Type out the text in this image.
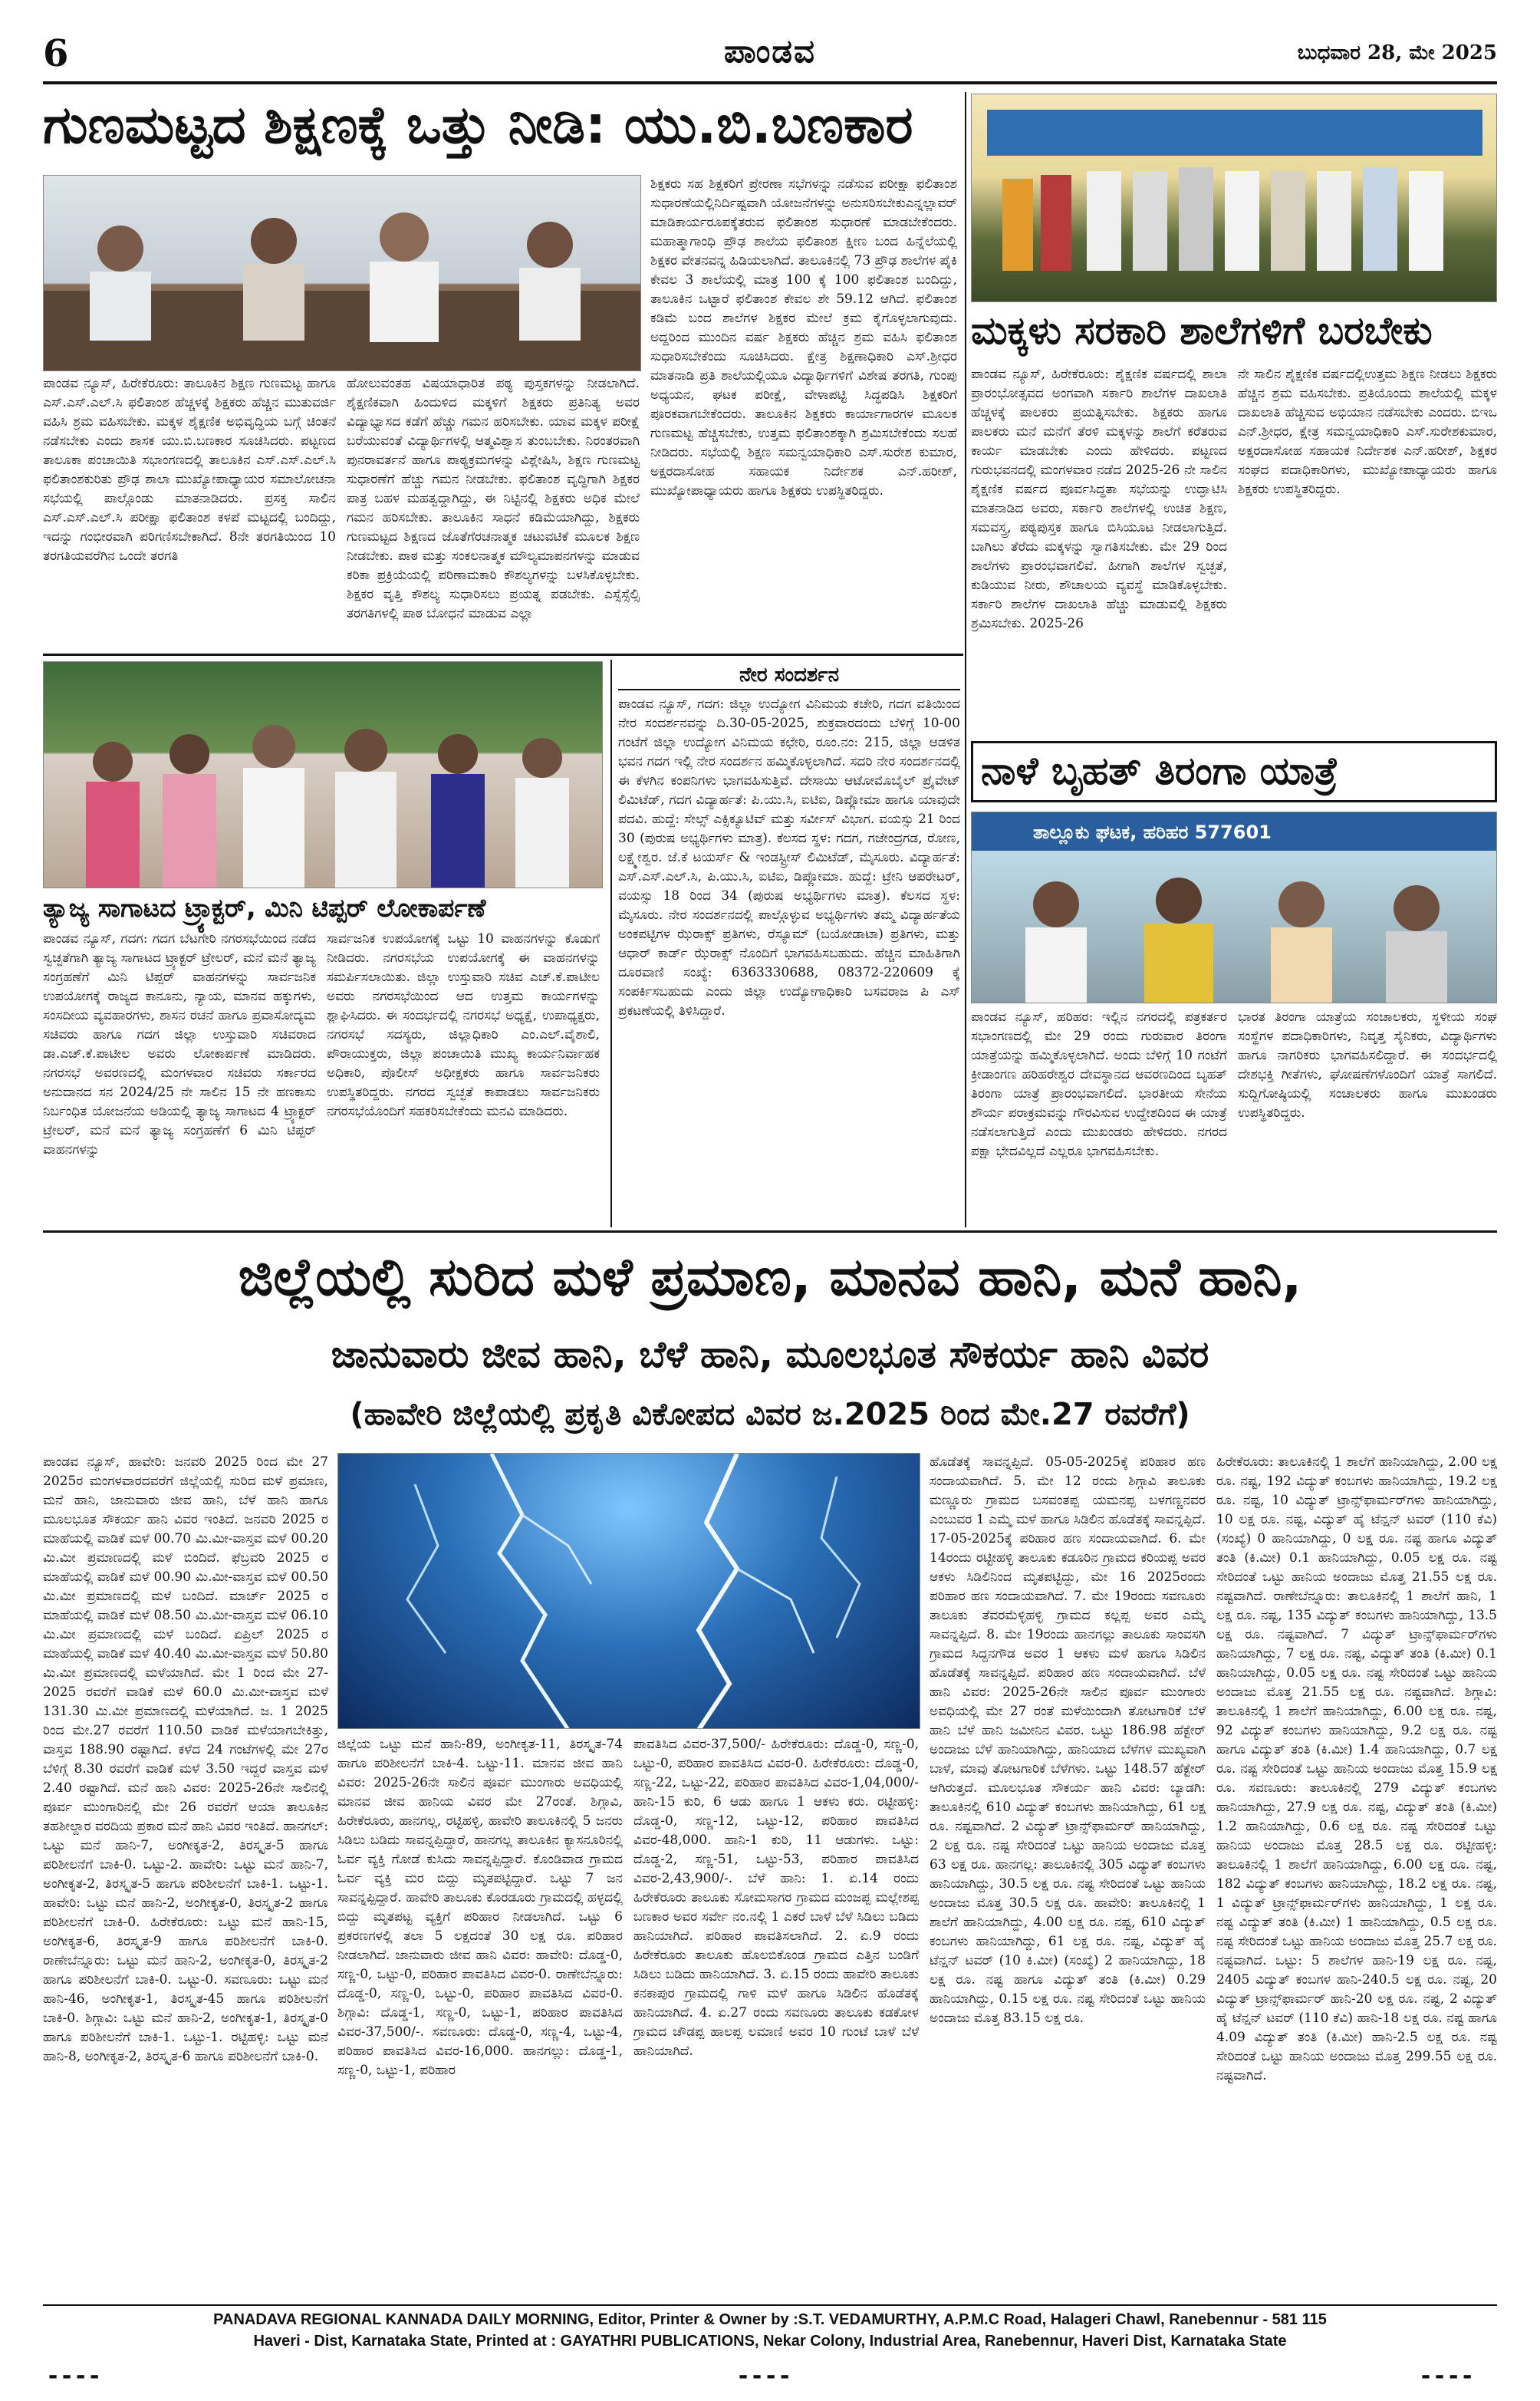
6	ಪಾಂಡವ	ಬುಧವಾರ 28, ಮೇ 2025
ಗುಣಮಟ್ಟದ ಶಿಕ್ಷಣಕ್ಕೆ ಒತ್ತು ನೀಡಿ: ಯು.ಬಿ.ಬಣಕಾರ
ಪಾಂಡವ ನ್ಯೂಸ್, ಹಿರೇಕೆರೂರು: ತಾಲೂಕಿನ ಶಿಕ್ಷಣ ಗುಣಮಟ್ಟ ಹಾಗೂ ಎಸ್.ಎಸ್.ಎಲ್.ಸಿ ಫಲಿತಾಂಶ ಹೆಚ್ಚಳಕ್ಕೆ ಶಿಕ್ಷಕರು ಹೆಚ್ಚಿನ ಮುತುವರ್ಜಿ ವಹಿಸಿ ಶ್ರಮ ವಹಿಸಬೇಕು. ಮಕ್ಕಳ ಶೈಕ್ಷಣಿಕ ಅಭಿವೃದ್ಧಿಯ ಬಗ್ಗೆ ಚಿಂತನೆ ನಡೆಸಬೇಕು ಎಂದು ಶಾಸಕ ಯು.ಬಿ.ಬಣಕಾರ ಸೂಚಿಸಿದರು. ಪಟ್ಟಣದ ತಾಲೂಕಾ ಪಂಚಾಯಿತಿ ಸಭಾಂಗಣದಲ್ಲಿ ತಾಲೂಕಿನ ಎಸ್.ಎಸ್.ಎಲ್.ಸಿ ಫಲಿತಾಂಶಕುರಿತು ಪ್ರೌಢ ಶಾಲಾ ಮುಖ್ಯೋಪಾಧ್ಯಾಯರ ಸಮಾಲೋಚನಾ ಸಭೆಯಲ್ಲಿ ಪಾಲ್ಗೊಂಡು ಮಾತನಾಡಿದರು. ಪ್ರಸಕ್ತ ಸಾಲಿನ ಎಸ್.ಎಸ್.ಎಲ್.ಸಿ ಪರೀಕ್ಷಾ ಫಲಿತಾಂಶ ಕಳಪೆ ಮಟ್ಟದಲ್ಲಿ ಬಂದಿದ್ದು, ಇದನ್ನು ಗಂಭೀರವಾಗಿ ಪರಿಗಣಿಸಬೇಕಾಗಿದೆ. 8ನೇ ತರಗತಿಯಿಂದ 10 ತರಗತಿಯವರೆಗಿನ ಒಂದೇ ತರಗತಿ
ಹೋಲುವಂತಹ ವಿಷಯಾಧಾರಿತ ಪಠ್ಯ ಪುಸ್ತಕಗಳನ್ನು ನೀಡಲಾಗಿದೆ. ಶೈಕ್ಷಣಿಕವಾಗಿ ಹಿಂದುಳಿದ ಮಕ್ಕಳಿಗೆ ಶಿಕ್ಷಕರು ಪ್ರತಿನಿತ್ಯ ಅವರ ವಿದ್ಯಾಭ್ಯಾಸದ ಕಡೆಗೆ ಹೆಚ್ಚು ಗಮನ ಹರಿಸಬೇಕು. ಯಾವ ಮಕ್ಕಳ ಪರೀಕ್ಷೆ ಬರೆಯುವಂತೆ ವಿದ್ಯಾರ್ಥಿಗಳಲ್ಲಿ ಆತ್ಮವಿಶ್ವಾಸ ತುಂಬಬೇಕು. ನಿರಂತರವಾಗಿ ಪುನರಾವರ್ತನೆ ಹಾಗೂ ಪಾಠ್ಯಕ್ರಮಗಳನ್ನು ವಿಶ್ಲೇಷಿಸಿ, ಶಿಕ್ಷಣ ಗುಣಮಟ್ಟ ಸುಧಾರಣೆಗೆ ಹೆಚ್ಚು ಗಮನ ನೀಡಬೇಕು. ಫಲಿತಾಂಶ ವೃದ್ಧಿಗಾಗಿ ಶಿಕ್ಷಕರ ಪಾತ್ರ ಬಹಳ ಮಹತ್ವದ್ದಾಗಿದ್ದು, ಈ ನಿಟ್ಟಿನಲ್ಲಿ ಶಿಕ್ಷಕರು ಅಧಿಕ ಮೇಲೆ ಗಮನ ಹರಿಸಬೇಕು. ತಾಲೂಕಿನ ಸಾಧನೆ ಕಡಿಮೆಯಾಗಿದ್ದು, ಶಿಕ್ಷಕರು ಗುಣಮಟ್ಟದ ಶಿಕ್ಷಣದ ಜೊತೆಗೆರಚನಾತ್ಮಕ ಚಟುವಟಿಕೆ ಮೂಲಕ ಶಿಕ್ಷಣ ನೀಡಬೇಕು. ಪಾಠ ಮತ್ತು ಸಂಕಲನಾತ್ಮಕ ಮೌಲ್ಯಮಾಪನಗಳನ್ನು ಮಾಡುವ ಕರಿಕಾ ಪ್ರಕ್ರಿಯೆಯಲ್ಲಿ ಪರಿಣಾಮಕಾರಿ ಕೌಶಲ್ಯಗಳನ್ನು ಬಳಸಿಕೊಳ್ಳಬೇಕು. ಶಿಕ್ಷಕರ ವೃತ್ತಿ ಕೌಶಲ್ಯ ಸುಧಾರಿಸಲು ಪ್ರಯತ್ನ ಪಡಬೇಕು. ಎಸ್ಸೆಸ್ಸೆಲ್ಸಿ ತರಗತಿಗಳಲ್ಲಿ ಪಾಠ ಬೋಧನೆ ಮಾಡುವ ಎಲ್ಲಾ
ಶಿಕ್ಷಕರು ಸಹ ಶಿಕ್ಷಕರಿಗೆ ಪ್ರೇರಣಾ ಸಭೆಗಳನ್ನು ನಡೆಸುವ ಪರೀಕ್ಷಾ ಫಲಿತಾಂಶ ಸುಧಾರಣೆಯಲ್ಲಿನಿರ್ದಿಷ್ಟವಾಗಿ ಯೋಜನೆಗಳನ್ನು ಅನುಸರಿಸಬೇಕುಎನ್ನಲ್ಲಾವರ್ ಮಾಡಿಕಾರ್ಯರೂಪಕ್ಕೆತರುವ ಫಲಿತಾಂಶ ಸುಧಾರಣೆ ಮಾಡಬೇಕೆಂದರು. ಮಹಾತ್ಮಾಗಾಂಧಿ ಪ್ರೌಢ ಶಾಲೆಯ ಫಲಿತಾಂಶ ಕ್ಷೀಣ ಬಂದ ಹಿನ್ನೆಲೆಯಲ್ಲಿ ಶಿಕ್ಷಕರ ವೇತನವನ್ನ ಹಿಡಿಯಲಾಗಿದೆ. ತಾಲೂಕಿನಲ್ಲಿ 73 ಪ್ರೌಢ ಶಾಲೆಗಳ ಪೈಕಿ ಕೇವಲ 3 ಶಾಲೆಯಲ್ಲಿ ಮಾತ್ರ 100 ಕ್ಕೆ 100 ಫಲಿತಾಂಶ ಬಂದಿದ್ದು, ತಾಲೂಕಿನ ಒಟ್ಟಾರೆ ಫಲಿತಾಂಶ ಕೇವಲ ಶೇ 59.12 ಆಗಿದೆ. ಫಲಿತಾಂಶ ಕಡಿಮೆ ಬಂದ ಶಾಲೆಗಳ ಶಿಕ್ಷಕರ ಮೇಲೆ ಕ್ರಮ ಕೈಗೊಳ್ಳಲಾಗುವುದು. ಅದ್ದರಿಂದ ಮುಂದಿನ ವರ್ಷ ಶಿಕ್ಷಕರು ಹೆಚ್ಚಿನ ಶ್ರಮ ವಹಿಸಿ ಫಲಿತಾಂಶ ಸುಧಾರಿಸಬೇಕೆಂದು ಸೂಚಿಸಿದರು. ಕ್ಷೇತ್ರ ಶಿಕ್ಷಣಾಧಿಕಾರಿ ಎಸ್.ಶ್ರೀಧರ ಮಾತನಾಡಿ ಪ್ರತಿ ಶಾಲೆಯಲ್ಲಿಯೂ ವಿದ್ಯಾರ್ಥಿಗಳಿಗೆ ವಿಶೇಷ ತರಗತಿ, ಗುಂಪು ಅಧ್ಯಯನ, ಘಟಕ ಪರೀಕ್ಷೆ, ವೇಳಾಪಟ್ಟಿ ಸಿದ್ಧಪಡಿಸಿ ಶಿಕ್ಷಕರಿಗೆ ಪೂರಕವಾಗಬೇಕೆಂದರು. ತಾಲೂಕಿನ ಶಿಕ್ಷಕರು ಕಾರ್ಯಾಗಾರಗಳ ಮೂಲಕ ಗುಣಮಟ್ಟ ಹೆಚ್ಚಿಸಬೇಕು, ಉತ್ತಮ ಫಲಿತಾಂಶಕ್ಕಾಗಿ ಶ್ರಮಿಸಬೇಕೆಂದು ಸಲಹೆ ನೀಡಿದರು. ಸಭೆಯಲ್ಲಿ ಶಿಕ್ಷಣ ಸಮನ್ವಯಾಧಿಕಾರಿ ಎಸ್.ಸುರೇಶ ಕುಮಾರ, ಅಕ್ಷರದಾಸೋಹ ಸಹಾಯಕ ನಿರ್ದೇಶಕ ಎನ್.ಹರೀಶ್, ಮುಖ್ಯೋಪಾಧ್ಯಾಯರು ಹಾಗೂ ಶಿಕ್ಷಕರು ಉಪಸ್ಥಿತರಿದ್ದರು.
ಮಕ್ಕಳು ಸರಕಾರಿ ಶಾಲೆಗಳಿಗೆ ಬರಬೇಕು
ಪಾಂಡವ ನ್ಯೂಸ್, ಹಿರೇಕೆರೂರು: ಶೈಕ್ಷಣಿಕ ವರ್ಷದಲ್ಲಿ ಶಾಲಾ ಪ್ರಾರಂಭೋತ್ಸವದ ಅಂಗವಾಗಿ ಸರ್ಕಾರಿ ಶಾಲೆಗಳ ದಾಖಲಾತಿ ಹೆಚ್ಚಳಕ್ಕೆ ಪಾಲಕರು ಪ್ರಯತ್ನಿಸಬೇಕು. ಶಿಕ್ಷಕರು ಹಾಗೂ ಪಾಲಕರು ಮನೆ ಮನೆಗೆ ತೆರಳಿ ಮಕ್ಕಳನ್ನು ಶಾಲೆಗೆ ಕರೆತರುವ ಕಾರ್ಯ ಮಾಡಬೇಕು ಎಂದು ಹೇಳಿದರು. ಪಟ್ಟಣದ ಗುರುಭವನದಲ್ಲಿ ಮಂಗಳವಾರ ನಡೆದ 2025-26 ನೇ ಸಾಲಿನ ಶೈಕ್ಷಣಿಕ ವರ್ಷದ ಪೂರ್ವಸಿದ್ಧತಾ ಸಭೆಯನ್ನು ಉದ್ಘಾಟಿಸಿ ಮಾತನಾಡಿದ ಅವರು, ಸರ್ಕಾರಿ ಶಾಲೆಗಳಲ್ಲಿ ಉಚಿತ ಶಿಕ್ಷಣ, ಸಮವಸ್ತ್ರ, ಪಠ್ಯಪುಸ್ತಕ ಹಾಗೂ ಬಿಸಿಯೂಟ ನೀಡಲಾಗುತ್ತಿದೆ. ಬಾಗಿಲು ತೆರೆದು ಮಕ್ಕಳನ್ನು ಸ್ವಾಗತಿಸಬೇಕು. ಮೇ 29 ರಿಂದ ಶಾಲೆಗಳು ಪ್ರಾರಂಭವಾಗಲಿವೆ. ಹೀಗಾಗಿ ಶಾಲೆಗಳ ಸ್ವಚ್ಛತೆ, ಕುಡಿಯುವ ನೀರು, ಶೌಚಾಲಯ ವ್ಯವಸ್ಥೆ ಮಾಡಿಕೊಳ್ಳಬೇಕು. ಸರ್ಕಾರಿ ಶಾಲೆಗಳ ದಾಖಲಾತಿ ಹೆಚ್ಚು ಮಾಡುವಲ್ಲಿ ಶಿಕ್ಷಕರು ಶ್ರಮಿಸಬೇಕು. 2025-26
ನೇ ಸಾಲಿನ ಶೈಕ್ಷಣಿಕ ವರ್ಷದಲ್ಲಿಉತ್ತಮ ಶಿಕ್ಷಣ ನೀಡಲು ಶಿಕ್ಷಕರು ಹೆಚ್ಚಿನ ಶ್ರಮ ವಹಿಸಬೇಕು. ಪ್ರತಿಯೊಂದು ಶಾಲೆಯಲ್ಲಿ ಮಕ್ಕಳ ದಾಖಲಾತಿ ಹೆಚ್ಚಿಸುವ ಅಭಿಯಾನ ನಡೆಸಬೇಕು ಎಂದರು. ಬಿಇಒ ಎನ್.ಶ್ರೀಧರ, ಕ್ಷೇತ್ರ ಸಮನ್ವಯಾಧಿಕಾರಿ ಎಸ್.ಸುರೇಶಕುಮಾರ, ಅಕ್ಷರದಾಸೋಹ ಸಹಾಯಕ ನಿರ್ದೇಶಕ ಎನ್.ಹರೀಶ್, ಶಿಕ್ಷಕರ ಸಂಘದ ಪದಾಧಿಕಾರಿಗಳು, ಮುಖ್ಯೋಪಾಧ್ಯಾಯರು ಹಾಗೂ ಶಿಕ್ಷಕರು ಉಪಸ್ಥಿತರಿದ್ದರು.
ತ್ಯಾಜ್ಯ ಸಾಗಾಟದ ಟ್ರ್ಯಾಕ್ಟರ್, ಮಿನಿ ಟಿಪ್ಪರ್ ಲೋಕಾರ್ಪಣೆ
ಪಾಂಡವ ನ್ಯೂಸ್, ಗದಗ: ಗದಗ ಬೆಟಗೇರಿ ನಗರಸಭೆಯಿಂದ ನಡೆದ ಸ್ವಚ್ಛತೆಗಾಗಿ ತ್ಯಾಜ್ಯ ಸಾಗಾಟದ ಟ್ರ್ಯಾಕ್ಟರ್ ಟ್ರೇಲರ್, ಮನೆ ಮನೆ ತ್ಯಾಜ್ಯ ಸಂಗ್ರಹಣೆಗೆ ಮಿನಿ ಟಿಪ್ಪರ್ ವಾಹನಗಳನ್ನು ಸಾರ್ವಜನಿಕ ಉಪಯೋಗಕ್ಕೆ ರಾಜ್ಯದ ಕಾನೂನು, ನ್ಯಾಯ, ಮಾನವ ಹಕ್ಕುಗಳು, ಸಂಸದೀಯ ವ್ಯವಹಾರಗಳು, ಶಾಸನ ರಚನೆ ಹಾಗೂ ಪ್ರವಾಸೋದ್ಯಮ ಸಚಿವರು ಹಾಗೂ ಗದಗ ಜಿಲ್ಲಾ ಉಸ್ತುವಾರಿ ಸಚಿವರಾದ ಡಾ.ಎಚ್.ಕೆ.ಪಾಟೀಲ ಅವರು ಲೋಕಾರ್ಪಣೆ ಮಾಡಿದರು. ನಗರಸಭೆ ಅವರಣದಲ್ಲಿ ಮಂಗಳವಾರ ಸಚಿವರು ಸರ್ಕಾರದ ಅನುದಾನದ ಸನ 2024/25 ನೇ ಸಾಲಿನ 15 ನೇ ಹಣಕಾಸು ನಿರ್ಬಂಧಿತ ಯೋಜನೆಯ ಅಡಿಯಲ್ಲಿ ತ್ಯಾಜ್ಯ ಸಾಗಾಟದ 4 ಟ್ರ್ಯಾಕ್ಟರ್ ಟ್ರೇಲರ್, ಮನೆ ಮನೆ ತ್ಯಾಜ್ಯ ಸಂಗ್ರಹಣೆಗೆ 6 ಮಿನಿ ಟಿಪ್ಪರ್ ವಾಹನಗಳನ್ನು
ಸಾರ್ವಜನಿಕ ಉಪಯೋಗಕ್ಕೆ ಒಟ್ಟು 10 ವಾಹನಗಳನ್ನು ಕೊಡುಗೆ ನೀಡಿದರು. ನಗರಸಭೆಯ ಉಪಯೋಗಕ್ಕೆ ಈ ವಾಹನಗಳನ್ನು ಸಮರ್ಪಿಸಲಾಯಿತು. ಜಿಲ್ಲಾ ಉಸ್ತುವಾರಿ ಸಚಿವ ಎಚ್.ಕೆ.ಪಾಟೀಲ ಅವರು ನಗರಸಭೆಯಿಂದ ಆದ ಉತ್ತಮ ಕಾರ್ಯಗಳನ್ನು ಶ್ಲಾಘಿಸಿದರು. ಈ ಸಂದರ್ಭದಲ್ಲಿ ನಗರಸಭೆ ಅಧ್ಯಕ್ಷೆ, ಉಪಾಧ್ಯಕ್ಷರು, ನಗರಸಭೆ ಸದಸ್ಯರು, ಜಿಲ್ಲಾಧಿಕಾರಿ ಎಂ.ಎಲ್.ವೈಶಾಲಿ, ಪೌರಾಯುಕ್ತರು, ಜಿಲ್ಲಾ ಪಂಚಾಯಿತಿ ಮುಖ್ಯ ಕಾರ್ಯನಿರ್ವಾಹಕ ಅಧಿಕಾರಿ, ಪೊಲೀಸ್ ಅಧೀಕ್ಷಕರು ಹಾಗೂ ಸಾರ್ವಜನಿಕರು ಉಪಸ್ಥಿತರಿದ್ದರು. ನಗರದ ಸ್ವಚ್ಛತೆ ಕಾಪಾಡಲು ಸಾರ್ವಜನಿಕರು ನಗರಸಭೆಯೊಂದಿಗೆ ಸಹಕರಿಸಬೇಕೆಂದು ಮನವಿ ಮಾಡಿದರು.
ನೇರ ಸಂದರ್ಶನ
ಪಾಂಡವ ನ್ಯೂಸ್, ಗದಗ: ಜಿಲ್ಲಾ ಉದ್ಯೋಗ ವಿನಿಮಯ ಕಚೇರಿ, ಗದಗ ವತಿಯಿಂದ ನೇರ ಸಂದರ್ಶನವನ್ನು ದಿ.30-05-2025, ಶುಕ್ರವಾರದಂದು ಬೆಳಿಗ್ಗೆ 10-00 ಗಂಟೆಗೆ ಜಿಲ್ಲಾ ಉದ್ಯೋಗ ವಿನಿಮಯ ಕಛೇರಿ, ರೂಂ.ನಂ: 215, ಜಿಲ್ಲಾ ಆಡಳಿತ ಭವನ ಗದಗ ಇಲ್ಲಿ ನೇರ ಸಂದರ್ಶನ ಹಮ್ಮಿಕೊಳ್ಳಲಾಗಿದೆ. ಸದರಿ ನೇರ ಸಂದರ್ಶನದಲ್ಲಿ ಈ ಕೆಳಗಿನ ಕಂಪನಿಗಳು ಭಾಗವಹಿಸುತ್ತಿವೆ. ದೇಸಾಯಿ ಆಟೋಮೊಬೈಲ್ ಪ್ರೈವೇಟ್ ಲಿಮಿಟೆಡ್, ಗದಗ ವಿದ್ಯಾರ್ಹತೆ: ಪಿ.ಯು.ಸಿ, ಐಟಿಐ, ಡಿಪ್ಲೋಮಾ ಹಾಗೂ ಯಾವುದೇ ಪದವಿ. ಹುದ್ದೆ: ಸೇಲ್ಸ್ ಎಕ್ಸಿಕ್ಯೂಟಿವ್ ಮತ್ತು ಸರ್ವೀಸ್ ವಿಭಾಗ. ವಯಸ್ಸು 21 ರಿಂದ 30 (ಪುರುಷ ಅಭ್ಯರ್ಥಿಗಳು ಮಾತ್ರ). ಕೆಲಸದ ಸ್ಥಳ: ಗದಗ, ಗಜೇಂದ್ರಗಡ, ರೋಣ, ಲಕ್ಷ್ಮೇಶ್ವರ. ಜೆ.ಕೆ ಟಯರ್ಸ್ & ಇಂಡಸ್ಟ್ರೀಸ್ ಲಿಮಿಟೆಡ್, ಮೈಸೂರು. ವಿದ್ಯಾರ್ಹತೆ: ಎಸ್.ಎಸ್.ಎಲ್.ಸಿ, ಪಿ.ಯು.ಸಿ, ಐಟಿಐ, ಡಿಪ್ಲೋಮಾ. ಹುದ್ದೆ: ಟ್ರೇನಿ ಆಪರೇಟರ್, ವಯಸ್ಸು 18 ರಿಂದ 34 (ಪುರುಷ ಅಭ್ಯರ್ಥಿಗಳು ಮಾತ್ರ). ಕೆಲಸದ ಸ್ಥಳ: ಮೈಸೂರು. ನೇರ ಸಂದರ್ಶನದಲ್ಲಿ ಪಾಲ್ಗೊಳ್ಳುವ ಅಭ್ಯರ್ಥಿಗಳು ತಮ್ಮ ವಿದ್ಯಾರ್ಹತೆಯ ಅಂಕಪಟ್ಟಿಗಳ ಝೆರಾಕ್ಸ್ ಪ್ರತಿಗಳು, ರೆಸ್ಯೂಮ್ (ಬಯೋಡಾಟಾ) ಪ್ರತಿಗಳು, ಮತ್ತು ಆಧಾರ್ ಕಾರ್ಡ್ ಝೆರಾಕ್ಸ್ ನೊಂದಿಗೆ ಭಾಗವಹಿಸಬಹುದು. ಹೆಚ್ಚಿನ ಮಾಹಿತಿಗಾಗಿ ದೂರವಾಣಿ ಸಂಖ್ಯೆ: 6363330688, 08372-220609 ಕ್ಕೆ ಸಂಪರ್ಕಿಸಬಹುದು ಎಂದು ಜಿಲ್ಲಾ ಉದ್ಯೋಗಾಧಿಕಾರಿ ಬಸವರಾಜ ಪಿ ಎಸ್ ಪ್ರಕಟಣೆಯಲ್ಲಿ ತಿಳಿಸಿದ್ದಾರೆ.
ನಾಳೆ ಬೃಹತ್ ತಿರಂಗಾ ಯಾತ್ರೆ
ತಾಲ್ಲೂಕು ಘಟಕ, ಹರಿಹರ 577601
ಪಾಂಡವ ನ್ಯೂಸ್, ಹರಿಹರ: ಇಲ್ಲಿನ ನಗರದಲ್ಲಿ ಪತ್ರಕರ್ತರ ಸಭಾಂಗಣದಲ್ಲಿ ಮೇ 29 ರಂದು ಗುರುವಾರ ತಿರಂಗಾ ಯಾತ್ರೆಯನ್ನು ಹಮ್ಮಿಕೊಳ್ಳಲಾಗಿದೆ. ಅಂದು ಬೆಳಿಗ್ಗೆ 10 ಗಂಟೆಗೆ ಕ್ರೀಡಾಂಗಣ ಹರಿಹರೇಶ್ವರ ದೇವಸ್ಥಾನದ ಆವರಣದಿಂದ ಬೃಹತ್ ತಿರಂಗಾ ಯಾತ್ರೆ ಪ್ರಾರಂಭವಾಗಲಿದೆ. ಭಾರತೀಯ ಸೇನೆಯ ಶೌರ್ಯ ಪರಾಕ್ರಮವನ್ನು ಗೌರವಿಸುವ ಉದ್ದೇಶದಿಂದ ಈ ಯಾತ್ರೆ ನಡೆಸಲಾಗುತ್ತಿದೆ ಎಂದು ಮುಖಂಡರು ಹೇಳಿದರು. ನಗರದ ಪಕ್ಷಾ ಭೇದವಿಲ್ಲದೆ ಎಲ್ಲರೂ ಭಾಗವಹಿಸಬೇಕು.
ಭಾರತ ತಿರಂಗಾ ಯಾತ್ರೆಯ ಸಂಚಾಲಕರು, ಸ್ಥಳೀಯ ಸಂಘ ಸಂಸ್ಥೆಗಳ ಪದಾಧಿಕಾರಿಗಳು, ನಿವೃತ್ತ ಸೈನಿಕರು, ವಿದ್ಯಾರ್ಥಿಗಳು ಹಾಗೂ ನಾಗರಿಕರು ಭಾಗವಹಿಸಲಿದ್ದಾರೆ. ಈ ಸಂದರ್ಭದಲ್ಲಿ ದೇಶಭಕ್ತಿ ಗೀತೆಗಳು, ಘೋಷಣೆಗಳೊಂದಿಗೆ ಯಾತ್ರೆ ಸಾಗಲಿದೆ. ಸುದ್ದಿಗೋಷ್ಠಿಯಲ್ಲಿ ಸಂಚಾಲಕರು ಹಾಗೂ ಮುಖಂಡರು ಉಪಸ್ಥಿತರಿದ್ದರು.
ಜಿಲ್ಲೆಯಲ್ಲಿ ಸುರಿದ ಮಳೆ ಪ್ರಮಾಣ, ಮಾನವ ಹಾನಿ, ಮನೆ ಹಾನಿ,
ಜಾನುವಾರು ಜೀವ ಹಾನಿ, ಬೆಳೆ ಹಾನಿ, ಮೂಲಭೂತ ಸೌಕರ್ಯ ಹಾನಿ ವಿವರ
(ಹಾವೇರಿ ಜಿಲ್ಲೆಯಲ್ಲಿ ಪ್ರಕೃತಿ ವಿಕೋಪದ ವಿವರ ಜ.2025 ರಿಂದ ಮೇ.27 ರವರೆಗೆ)
ಪಾಂಡವ ನ್ಯೂಸ್, ಹಾವೇರಿ: ಜನವರಿ 2025 ರಿಂದ ಮೇ 27 2025ರ ಮಂಗಳವಾರದವರೆಗೆ ಜಿಲ್ಲೆಯಲ್ಲಿ ಸುರಿದ ಮಳೆ ಪ್ರಮಾಣ, ಮನೆ ಹಾನಿ, ಜಾನುವಾರು ಜೀವ ಹಾನಿ, ಬೆಳೆ ಹಾನಿ ಹಾಗೂ ಮೂಲಭೂತ ಸೌಕರ್ಯ ಹಾನಿ ವಿವರ ಇಂತಿದೆ. ಜನವರಿ 2025 ರ ಮಾಹೆಯಲ್ಲಿ ವಾಡಿಕೆ ಮಳೆ 00.70 ಮಿ.ಮೀ-ವಾಸ್ತವ ಮಳೆ 00.20 ಮಿ.ಮೀ ಪ್ರಮಾಣದಲ್ಲಿ ಮಳೆ ಬಿಂದಿದೆ. ಫೆಬ್ರವರಿ 2025 ರ ಮಾಹೆಯಲ್ಲಿ ವಾಡಿಕೆ ಮಳೆ 00.90 ಮಿ.ಮೀ-ವಾಸ್ತವ ಮಳೆ 00.50 ಮಿ.ಮೀ ಪ್ರಮಾಣದಲ್ಲಿ ಮಳೆ ಬಂದಿದೆ. ಮಾರ್ಚ್ 2025 ರ ಮಾಹೆಯಲ್ಲಿ ವಾಡಿಕೆ ಮಳೆ 08.50 ಮಿ.ಮೀ-ವಾಸ್ತವ ಮಳೆ 06.10 ಮಿ.ಮೀ ಪ್ರಮಾಣದಲ್ಲಿ ಮಳೆ ಬಂದಿದೆ. ಏಪ್ರಿಲ್ 2025 ರ ಮಾಹೆಯಲ್ಲಿ ವಾಡಿಕೆ ಮಳೆ 40.40 ಮಿ.ಮೀ-ವಾಸ್ತವ ಮಳೆ 50.80 ಮಿ.ಮೀ ಪ್ರಮಾಣದಲ್ಲಿ ಮಳೆಯಾಗಿದೆ. ಮೇ 1 ರಿಂದ ಮೇ 27- 2025 ರವರೆಗೆ ವಾಡಿಕೆ ಮಳೆ 60.0 ಮಿ.ಮೀ-ವಾಸ್ತವ ಮಳೆ 131.30 ಮಿ.ಮೀ ಪ್ರಮಾಣದಲ್ಲಿ ಮಳೆಯಾಗಿದೆ. ಜ. 1 2025 ರಿಂದ ಮೇ.27 ರವರೆಗೆ 110.50 ವಾಡಿಕೆ ಮಳೆಯಾಗಬೇಕಿತ್ತು, ವಾಸ್ತವ 188.90 ರಷ್ಟಾಗಿದೆ. ಕಳೆದ 24 ಗಂಟೆಗಳಲ್ಲಿ ಮೇ 27ರ ಬೆಳಿಗ್ಗೆ 8.30 ರವರೆಗೆ ವಾಡಿಕೆ ಮಳೆ 3.50 ಇದ್ದರೆ ವಾಸ್ತವ ಮಳೆ 2.40 ರಷ್ಟಾಗಿದೆ. ಮನೆ ಹಾನಿ ವಿವರ: 2025-26ನೇ ಸಾಲಿನಲ್ಲಿ ಪೂರ್ವ ಮುಂಗಾರಿನಲ್ಲಿ ಮೇ 26 ರವರೆಗೆ ಆಯಾ ತಾಲೂಕಿನ ತಹಶೀಲ್ದಾರ ವರದಿಯ ಪ್ರಕಾರ ಮನೆ ಹಾನಿ ವಿವರ ಇಂತಿದೆ. ಹಾನಗಲ್: ಒಟ್ಟು ಮನೆ ಹಾನಿ-7, ಅಂಗೀಕೃತ-2, ತಿರಸ್ಕೃತ-5 ಹಾಗೂ ಪರಿಶೀಲನೆಗೆ ಬಾಕಿ-0. ಒಟ್ಟು-2. ಹಾವೇರಿ: ಒಟ್ಟು ಮನೆ ಹಾನಿ-7, ಅಂಗೀಕೃತ-2, ತಿರಸ್ಕೃತ-5 ಹಾಗೂ ಪರಿಶೀಲನೆಗೆ ಬಾಕಿ-1. ಒಟ್ಟು-1. ಹಾವೇರಿ: ಒಟ್ಟು ಮನೆ ಹಾನಿ-2, ಅಂಗೀಕೃತ-0, ತಿರಸ್ಕೃತ-2 ಹಾಗೂ ಪರಿಶೀಲನೆಗೆ ಬಾಕಿ-0. ಹಿರೇಕೆರೂರು: ಒಟ್ಟು ಮನೆ ಹಾನಿ-15, ಅಂಗೀಕೃತ-6, ತಿರಸ್ಕೃತ-9 ಹಾಗೂ ಪರಿಶೀಲನೆಗೆ ಬಾಕಿ-0. ರಾಣೇಬೆನ್ನೂರು: ಒಟ್ಟು ಮನೆ ಹಾನಿ-2, ಅಂಗೀಕೃತ-0, ತಿರಸ್ಕೃತ-2 ಹಾಗೂ ಪರಿಶೀಲನೆಗೆ ಬಾಕಿ-0. ಒಟ್ಟು-0. ಸವಣೂರು: ಒಟ್ಟು ಮನೆ ಹಾನಿ-46, ಅಂಗೀಕೃತ-1, ತಿರಸ್ಕೃತ-45 ಹಾಗೂ ಪರಿಶೀಲನೆಗೆ ಬಾಕಿ-0. ಶಿಗ್ಗಾವಿ: ಒಟ್ಟು ಮನೆ ಹಾನಿ-2, ಅಂಗೀಕೃತ-1, ತಿರಸ್ಕೃತ-0 ಹಾಗೂ ಪರಿಶೀಲನೆಗೆ ಬಾಕಿ-1. ಒಟ್ಟು-1. ರಟ್ಟಿಹಳ್ಳಿ: ಒಟ್ಟು ಮನೆ ಹಾನಿ-8, ಅಂಗೀಕೃತ-2, ತಿರಸ್ಕೃತ-6 ಹಾಗೂ ಪರಿಶೀಲನೆಗೆ ಬಾಕಿ-0.
ಜಿಲ್ಲೆಯ ಒಟ್ಟು ಮನೆ ಹಾನಿ-89, ಅಂಗೀಕೃತ-11, ತಿರಸ್ಕೃತ-74 ಹಾಗೂ ಪರಿಶೀಲನೆಗೆ ಬಾಕಿ-4. ಒಟ್ಟು-11. ಮಾನವ ಜೀವ ಹಾನಿ ವಿವರ: 2025-26ನೇ ಸಾಲಿನ ಪೂರ್ವ ಮುಂಗಾರು ಅವಧಿಯಲ್ಲಿ ಮಾನವ ಜೀವ ಹಾನಿಯ ವಿವರ ಮೇ 27ರಂತೆ. ಶಿಗ್ಗಾವಿ, ಹಿರೇಕೆರೂರು, ಹಾನಗಲ್ಲ, ರಟ್ಟಿಹಳ್ಳಿ, ಹಾವೇರಿ ತಾಲೂಕಿನಲ್ಲಿ 5 ಜನರು ಸಿಡಿಲು ಬಡಿದು ಸಾವನ್ನಪ್ಪಿದ್ದಾರೆ, ಹಾನಗಲ್ಲ ತಾಲೂಕಿನ ಕ್ಯಾಸನೂರಿನಲ್ಲಿ ಓರ್ವ ವ್ಯಕ್ತಿ ಗೋಡೆ ಕುಸಿದು ಸಾವನ್ನಪ್ಪಿದ್ದಾರೆ. ಕೊಂಡಿವಾಡ ಗ್ರಾಮದ ಓರ್ವ ವ್ಯಕ್ತಿ ಮರ ಬಿದ್ದು ಮೃತಪಟ್ಟಿದ್ದಾರೆ. ಒಟ್ಟು 7 ಜನ ಸಾವನ್ನಪ್ಪಿದ್ದಾರೆ. ಹಾವೇರಿ ತಾಲೂಕು ಕೊರಡೂರು ಗ್ರಾಮದಲ್ಲಿ ಹಳ್ಳದಲ್ಲಿ ಬಿದ್ದು ಮೃತಪಟ್ಟ ವ್ಯಕ್ತಿಗೆ ಪರಿಹಾರ ನೀಡಲಾಗಿದೆ. ಒಟ್ಟು 6 ಪ್ರಕರಣಗಳಲ್ಲಿ ತಲಾ 5 ಲಕ್ಷದಂತೆ 30 ಲಕ್ಷ ರೂ. ಪರಿಹಾರ ನೀಡಲಾಗಿದೆ. ಜಾನುವಾರು ಜೀವ ಹಾನಿ ವಿವರ: ಹಾವೇರಿ: ದೊಡ್ಡ-0, ಸಣ್ಣ-0, ಒಟ್ಟು-0, ಪರಿಹಾರ ಪಾವತಿಸಿದ ವಿವರ-0. ರಾಣೇಬೆನ್ನೂರು: ದೊಡ್ಡ-0, ಸಣ್ಣ-0, ಒಟ್ಟು-0, ಪರಿಹಾರ ಪಾವತಿಸಿದ ವಿವರ-0. ಶಿಗ್ಗಾವಿ: ದೊಡ್ಡ-1, ಸಣ್ಣ-0, ಒಟ್ಟು-1, ಪರಿಹಾರ ಪಾವತಿಸಿದ ವಿವರ-37,500/-. ಸವಣೂರು: ದೊಡ್ಡ-0, ಸಣ್ಣ-4, ಒಟ್ಟು-4, ಪರಿಹಾರ ಪಾವತಿಸಿದ ವಿವರ-16,000. ಹಾನಗಲ್ಲು: ದೊಡ್ಡ-1, ಸಣ್ಣ-0, ಒಟ್ಟು-1, ಪರಿಹಾರ
ಪಾವತಿಸಿದ ವಿವರ-37,500/- ಹಿರೇಕೆರೂರು: ದೊಡ್ಡ-0, ಸಣ್ಣ-0, ಒಟ್ಟು-0, ಪರಿಹಾರ ಪಾವತಿಸಿದ ವಿವರ-0. ಹಿರೇಕೆರೂರು: ದೊಡ್ಡ-0, ಸಣ್ಣ-22, ಒಟ್ಟು-22, ಪರಿಹಾರ ಪಾವತಿಸಿದ ವಿವರ-1,04,000/- ಹಾನಿ-15 ಕುರಿ, 6 ಆಡು ಹಾಗೂ 1 ಆಕಳು ಕರು. ರಟ್ಟೀಹಳ್ಳಿ: ದೊಡ್ಡ-0, ಸಣ್ಣ-12, ಒಟ್ಟು-12, ಪರಿಹಾರ ಪಾವತಿಸಿದ ವಿವರ-48,000. ಹಾನಿ-1 ಕುರಿ, 11 ಆಡುಗಳು. ಒಟ್ಟು: ದೊಡ್ಡ-2, ಸಣ್ಣ-51, ಒಟ್ಟು-53, ಪರಿಹಾರ ಪಾವತಿಸಿದ ವಿವರ-2,43,900/-. ಬೆಳೆ ಹಾನಿ: 1. ಏ.14 ರಂದು ಹಿರೇಕೆರೂರು ತಾಲೂಕು ಸೋಮಸಾಗರ ಗ್ರಾಮದ ಮಂಜಪ್ಪ ಮಲ್ಲೇಶಪ್ಪ ಬಣಕಾರ ಅವರ ಸರ್ವೇ ನಂ.ನಲ್ಲಿ 1 ಎಕರೆ ಬಾಳೆ ಬೆಳೆ ಸಿಡಿಲು ಬಡಿದು ಹಾನಿಯಾಗಿದೆ. ಪರಿಹಾರ ಪಾವತಿಸಲಾಗಿದೆ. 2. ಏ.9 ರಂದು ಹಿರೇಕೆರೂರು ತಾಲೂಕು ಹೊಲಬಿಕೊಂಡ ಗ್ರಾಮದ ಎತ್ತಿನ ಬಂಡಿಗೆ ಸಿಡಿಲು ಬಡಿದು ಹಾನಿಯಾಗಿದೆ. 3. ಏ.15 ರಂದು ಹಾವೇರಿ ತಾಲೂಕು ಕನಕಾಪುರ ಗ್ರಾಮದಲ್ಲಿ ಗಾಳಿ ಮಳೆ ಹಾಗೂ ಸಿಡಿಲಿನ ಹೊಡೆತಕ್ಕೆ ಹಾನಿಯಾಗಿದೆ. 4. ಏ.27 ರಂದು ಸವಣೂರು ತಾಲೂಕು ಕಡಕೋಳ ಗ್ರಾಮದ ಚೌಡಪ್ಪ ಹಾಲಪ್ಪ ಲಮಾಣಿ ಅವರ 10 ಗುಂಟೆ ಬಾಳೆ ಬೆಳೆ ಹಾನಿಯಾಗಿದೆ.
ಹೊಡೆತಕ್ಕೆ ಸಾವನ್ನಪ್ಪಿದೆ. 05-05-2025ಕ್ಕೆ ಪರಿಹಾರ ಹಣ ಸಂದಾಯವಾಗಿದೆ. 5. ಮೇ 12 ರಂದು ಶಿಗ್ಗಾವಿ ತಾಲೂಕು ಮಣ್ಣೂರು ಗ್ರಾಮದ ಬಸವಂತಪ್ಪ ಯಮನಪ್ಪ ಬಳಗಣ್ಣನವರ ಎಂಬುವರ 1 ಎಮ್ಮೆ ಮಳೆ ಹಾಗೂ ಸಿಡಿಲಿನ ಹೊಡೆತಕ್ಕೆ ಸಾವನ್ನಪ್ಪಿದೆ. 17-05-2025ಕ್ಕೆ ಪರಿಹಾರ ಹಣ ಸಂದಾಯವಾಗಿದೆ. 6. ಮೇ 14ರಂದು ರಟ್ಟೀಹಳ್ಳಿ ತಾಲೂಕು ಕಡೂರಿನ ಗ್ರಾಮದ ಕರಿಯಪ್ಪ ಅವರ ಆಕಳು ಸಿಡಿಲಿನಿಂದ ಮೃತಪಟ್ಟಿದ್ದು, ಮೇ 16 2025ರಂದು ಪರಿಹಾರ ಹಣ ಸಂದಾಯವಾಗಿದೆ. 7. ಮೇ 19ರಂದು ಸವಣೂರು ತಾಲೂಕು ತೆವರಮೆಳ್ಳಿಹಳ್ಳಿ ಗ್ರಾಮದ ಕಲ್ಲಪ್ಪ ಅವರ ಎಮ್ಮೆ ಸಾವನ್ನಪ್ಪಿದೆ. 8. ಮೇ 19ರಂದು ಹಾನಗಲ್ಲು ತಾಲೂಕು ಸಾಂವಸಗಿ ಗ್ರಾಮದ ಸಿದ್ದನಗೌಡ ಅವರ 1 ಆಕಳು ಮಳೆ ಹಾಗೂ ಸಿಡಿಲಿನ ಹೊಡೆತಕ್ಕೆ ಸಾವನ್ನಪ್ಪಿದೆ. ಪರಿಹಾರ ಹಣ ಸಂದಾಯವಾಗಿದೆ. ಬೆಳೆ ಹಾನಿ ವಿವರ: 2025-26ನೇ ಸಾಲಿನ ಪೂರ್ವ ಮುಂಗಾರು ಅವಧಿಯಲ್ಲಿ ಮೇ 27 ರಂತೆ ಮಳೆಯಿಂದಾಗಿ ತೋಟಗಾರಿಕೆ ಬೆಳೆ ಹಾನಿ ಬೆಳೆ ಹಾನಿ ಜಮೀನಿನ ವಿವರ. ಒಟ್ಟು 186.98 ಹೆಕ್ಟೇರ್ ಅಂದಾಜು ಬೆಳೆ ಹಾನಿಯಾಗಿದ್ದು, ಹಾನಿಯಾದ ಬೆಳೆಗಳ ಮುಖ್ಯವಾಗಿ ಬಾಳೆ, ಮಾವು ತೋಟಗಾರಿಕೆ ಬೆಳೆಗಳು. ಒಟ್ಟು 148.57 ಹೆಕ್ಟೇರ್ ಆಗಿರುತ್ತದೆ. ಮೂಲಭೂತ ಸೌಕರ್ಯ ಹಾನಿ ವಿವರ: ಬ್ಯಾಡಗಿ: ತಾಲೂಕಿನಲ್ಲಿ 610 ವಿದ್ಯುತ್ ಕಂಬಗಳು ಹಾನಿಯಾಗಿದ್ದು, 61 ಲಕ್ಷ ರೂ. ನಷ್ಟವಾಗಿದೆ. 2 ವಿದ್ಯುತ್ ಟ್ರಾನ್ಸ್‌ಫಾರ್ಮರ್ ಹಾನಿಯಾಗಿದ್ದು, 2 ಲಕ್ಷ ರೂ. ನಷ್ಟ ಸೇರಿದಂತೆ ಒಟ್ಟು ಹಾನಿಯ ಅಂದಾಜು ಮೊತ್ತ 63 ಲಕ್ಷ ರೂ. ಹಾನಗಲ್ಲ: ತಾಲೂಕಿನಲ್ಲಿ 305 ವಿದ್ಯುತ್ ಕಂಬಗಳು ಹಾನಿಯಾಗಿದ್ದು, 30.5 ಲಕ್ಷ ರೂ. ನಷ್ಟ ಸೇರಿದಂತೆ ಒಟ್ಟು ಹಾನಿಯ ಅಂದಾಜು ಮೊತ್ತ 30.5 ಲಕ್ಷ ರೂ. ಹಾವೇರಿ: ತಾಲೂಕಿನಲ್ಲಿ 1 ಶಾಲೆಗೆ ಹಾನಿಯಾಗಿದ್ದು, 4.00 ಲಕ್ಷ ರೂ. ನಷ್ಟ, 610 ವಿದ್ಯುತ್ ಕಂಬಗಳು ಹಾನಿಯಾಗಿದ್ದು, 61 ಲಕ್ಷ ರೂ. ನಷ್ಟ, ವಿದ್ಯುತ್ ಹೈ ಟೆನ್ಷನ್ ಟವರ್ (10 ಕಿ.ಮೀ) (ಸಂಖ್ಯೆ) 2 ಹಾನಿಯಾಗಿದ್ದು, 18 ಲಕ್ಷ ರೂ. ನಷ್ಟ ಹಾಗೂ ವಿದ್ಯುತ್ ತಂತಿ (ಕಿ.ಮೀ) 0.29 ಹಾನಿಯಾಗಿದ್ದು, 0.15 ಲಕ್ಷ ರೂ. ನಷ್ಟ ಸೇರಿದಂತೆ ಒಟ್ಟು ಹಾನಿಯ ಅಂದಾಜು ಮೊತ್ತ 83.15 ಲಕ್ಷ ರೂ.
ಹಿರೇಕೆರೂರು: ತಾಲೂಕಿನಲ್ಲಿ 1 ಶಾಲೆಗೆ ಹಾನಿಯಾಗಿದ್ದು, 2.00 ಲಕ್ಷ ರೂ. ನಷ್ಟ, 192 ವಿದ್ಯುತ್ ಕಂಬಗಳು ಹಾನಿಯಾಗಿದ್ದು, 19.2 ಲಕ್ಷ ರೂ. ನಷ್ಟ, 10 ವಿದ್ಯುತ್ ಟ್ರಾನ್ಸ್‌ಫಾರ್ಮರ್‌ಗಳು ಹಾನಿಯಾಗಿದ್ದು, 10 ಲಕ್ಷ ರೂ. ನಷ್ಟ, ವಿದ್ಯುತ್ ಹೈ ಟೆನ್ಷನ್ ಟವರ್ (110 ಕೆವಿ) (ಸಂಖ್ಯೆ) 0 ಹಾನಿಯಾಗಿದ್ದು, 0 ಲಕ್ಷ ರೂ. ನಷ್ಟ ಹಾಗೂ ವಿದ್ಯುತ್ ತಂತಿ (ಕಿ.ಮೀ) 0.1 ಹಾನಿಯಾಗಿದ್ದು, 0.05 ಲಕ್ಷ ರೂ. ನಷ್ಟ ಸೇರಿದಂತೆ ಒಟ್ಟು ಹಾನಿಯ ಅಂದಾಜು ಮೊತ್ತ 21.55 ಲಕ್ಷ ರೂ. ನಷ್ಟವಾಗಿದೆ. ರಾಣೇಬೆನ್ನೂರು: ತಾಲೂಕಿನಲ್ಲಿ 1 ಶಾಲೆಗೆ ಹಾನಿ, 1 ಲಕ್ಷ ರೂ. ನಷ್ಟ, 135 ವಿದ್ಯುತ್ ಕಂಬಗಳು ಹಾನಿಯಾಗಿದ್ದು, 13.5 ಲಕ್ಷ ರೂ. ನಷ್ಟವಾಗಿದೆ. 7 ವಿದ್ಯುತ್ ಟ್ರಾನ್ಸ್‌ಫಾರ್ಮರ್‌ಗಳು ಹಾನಿಯಾಗಿದ್ದು, 7 ಲಕ್ಷ ರೂ. ನಷ್ಟ, ವಿದ್ಯುತ್ ತಂತಿ (ಕಿ.ಮೀ) 0.1 ಹಾನಿಯಾಗಿದ್ದು, 0.05 ಲಕ್ಷ ರೂ. ನಷ್ಟ ಸೇರಿದಂತೆ ಒಟ್ಟು ಹಾನಿಯ ಅಂದಾಜು ಮೊತ್ತ 21.55 ಲಕ್ಷ ರೂ. ನಷ್ಟವಾಗಿದೆ. ಶಿಗ್ಗಾವಿ: ತಾಲೂಕಿನಲ್ಲಿ 1 ಶಾಲೆಗೆ ಹಾನಿಯಾಗಿದ್ದು, 6.00 ಲಕ್ಷ ರೂ. ನಷ್ಟ, 92 ವಿದ್ಯುತ್ ಕಂಬಗಳು ಹಾನಿಯಾಗಿದ್ದು, 9.2 ಲಕ್ಷ ರೂ. ನಷ್ಟ ಹಾಗೂ ವಿದ್ಯುತ್ ತಂತಿ (ಕಿ.ಮೀ) 1.4 ಹಾನಿಯಾಗಿದ್ದು, 0.7 ಲಕ್ಷ ರೂ. ನಷ್ಟ ಸೇರಿದಂತೆ ಒಟ್ಟು ಹಾನಿಯ ಅಂದಾಜು ಮೊತ್ತ 15.9 ಲಕ್ಷ ರೂ. ಸವಣೂರು: ತಾಲೂಕಿನಲ್ಲಿ 279 ವಿದ್ಯುತ್ ಕಂಬಗಳು ಹಾನಿಯಾಗಿದ್ದು, 27.9 ಲಕ್ಷ ರೂ. ನಷ್ಟ, ವಿದ್ಯುತ್ ತಂತಿ (ಕಿ.ಮೀ) 1.2 ಹಾನಿಯಾಗಿದ್ದು, 0.6 ಲಕ್ಷ ರೂ. ನಷ್ಟ ಸೇರಿದಂತೆ ಒಟ್ಟು ಹಾನಿಯ ಅಂದಾಜು ಮೊತ್ತ 28.5 ಲಕ್ಷ ರೂ. ರಟ್ಟೀಹಳ್ಳಿ: ತಾಲೂಕಿನಲ್ಲಿ 1 ಶಾಲೆಗೆ ಹಾನಿಯಾಗಿದ್ದು, 6.00 ಲಕ್ಷ ರೂ. ನಷ್ಟ, 182 ವಿದ್ಯುತ್ ಕಂಬಗಳು ಹಾನಿಯಾಗಿದ್ದು, 18.2 ಲಕ್ಷ ರೂ. ನಷ್ಟ, 1 ವಿದ್ಯುತ್ ಟ್ರಾನ್ಸ್‌ಫಾರ್ಮರ್‌ಗಳು ಹಾನಿಯಾಗಿದ್ದು, 1 ಲಕ್ಷ ರೂ. ನಷ್ಟ ವಿದ್ಯುತ್ ತಂತಿ (ಕಿ.ಮೀ) 1 ಹಾನಿಯಾಗಿದ್ದು, 0.5 ಲಕ್ಷ ರೂ. ನಷ್ಟ ಸೇರಿದಂತೆ ಒಟ್ಟು ಹಾನಿಯ ಅಂದಾಜು ಮೊತ್ತ 25.7 ಲಕ್ಷ ರೂ. ನಷ್ಟವಾಗಿದೆ. ಒಟ್ಟು: 5 ಶಾಲೆಗಳ ಹಾನಿ-19 ಲಕ್ಷ ರೂ. ನಷ್ಟ, 2405 ವಿದ್ಯುತ್ ಕಂಬಗಳ ಹಾನಿ-240.5 ಲಕ್ಷ ರೂ. ನಷ್ಟ, 20 ವಿದ್ಯುತ್ ಟ್ರಾನ್ಸ್‌ಫಾರ್ಮರ್ ಹಾನಿ-20 ಲಕ್ಷ ರೂ. ನಷ್ಟ, 2 ವಿದ್ಯುತ್ ಹೈ ಟೆನ್ಷನ್ ಟವರ್ (110 ಕೆವಿ) ಹಾನಿ-18 ಲಕ್ಷ ರೂ. ನಷ್ಟ ಹಾಗೂ 4.09 ವಿದ್ಯುತ್ ತಂತಿ (ಕಿ.ಮೀ) ಹಾನಿ-2.5 ಲಕ್ಷ ರೂ. ನಷ್ಟ ಸೇರಿದಂತೆ ಒಟ್ಟು ಹಾನಿಯ ಅಂದಾಜು ಮೊತ್ತ 299.55 ಲಕ್ಷ ರೂ. ನಷ್ಟವಾಗಿದೆ.
PANADAVA REGIONAL KANNADA DAILY MORNING, Editor, Printer & Owner by :S.T. VEDAMURTHY, A.P.M.C Road, Halageri Chawl, Ranebennur - 581 115
Haveri - Dist, Karnataka State, Printed at : GAYATHRI PUBLICATIONS, Nekar Colony, Industrial Area, Ranebennur, Haveri Dist, Karnataka State
----	----	----
